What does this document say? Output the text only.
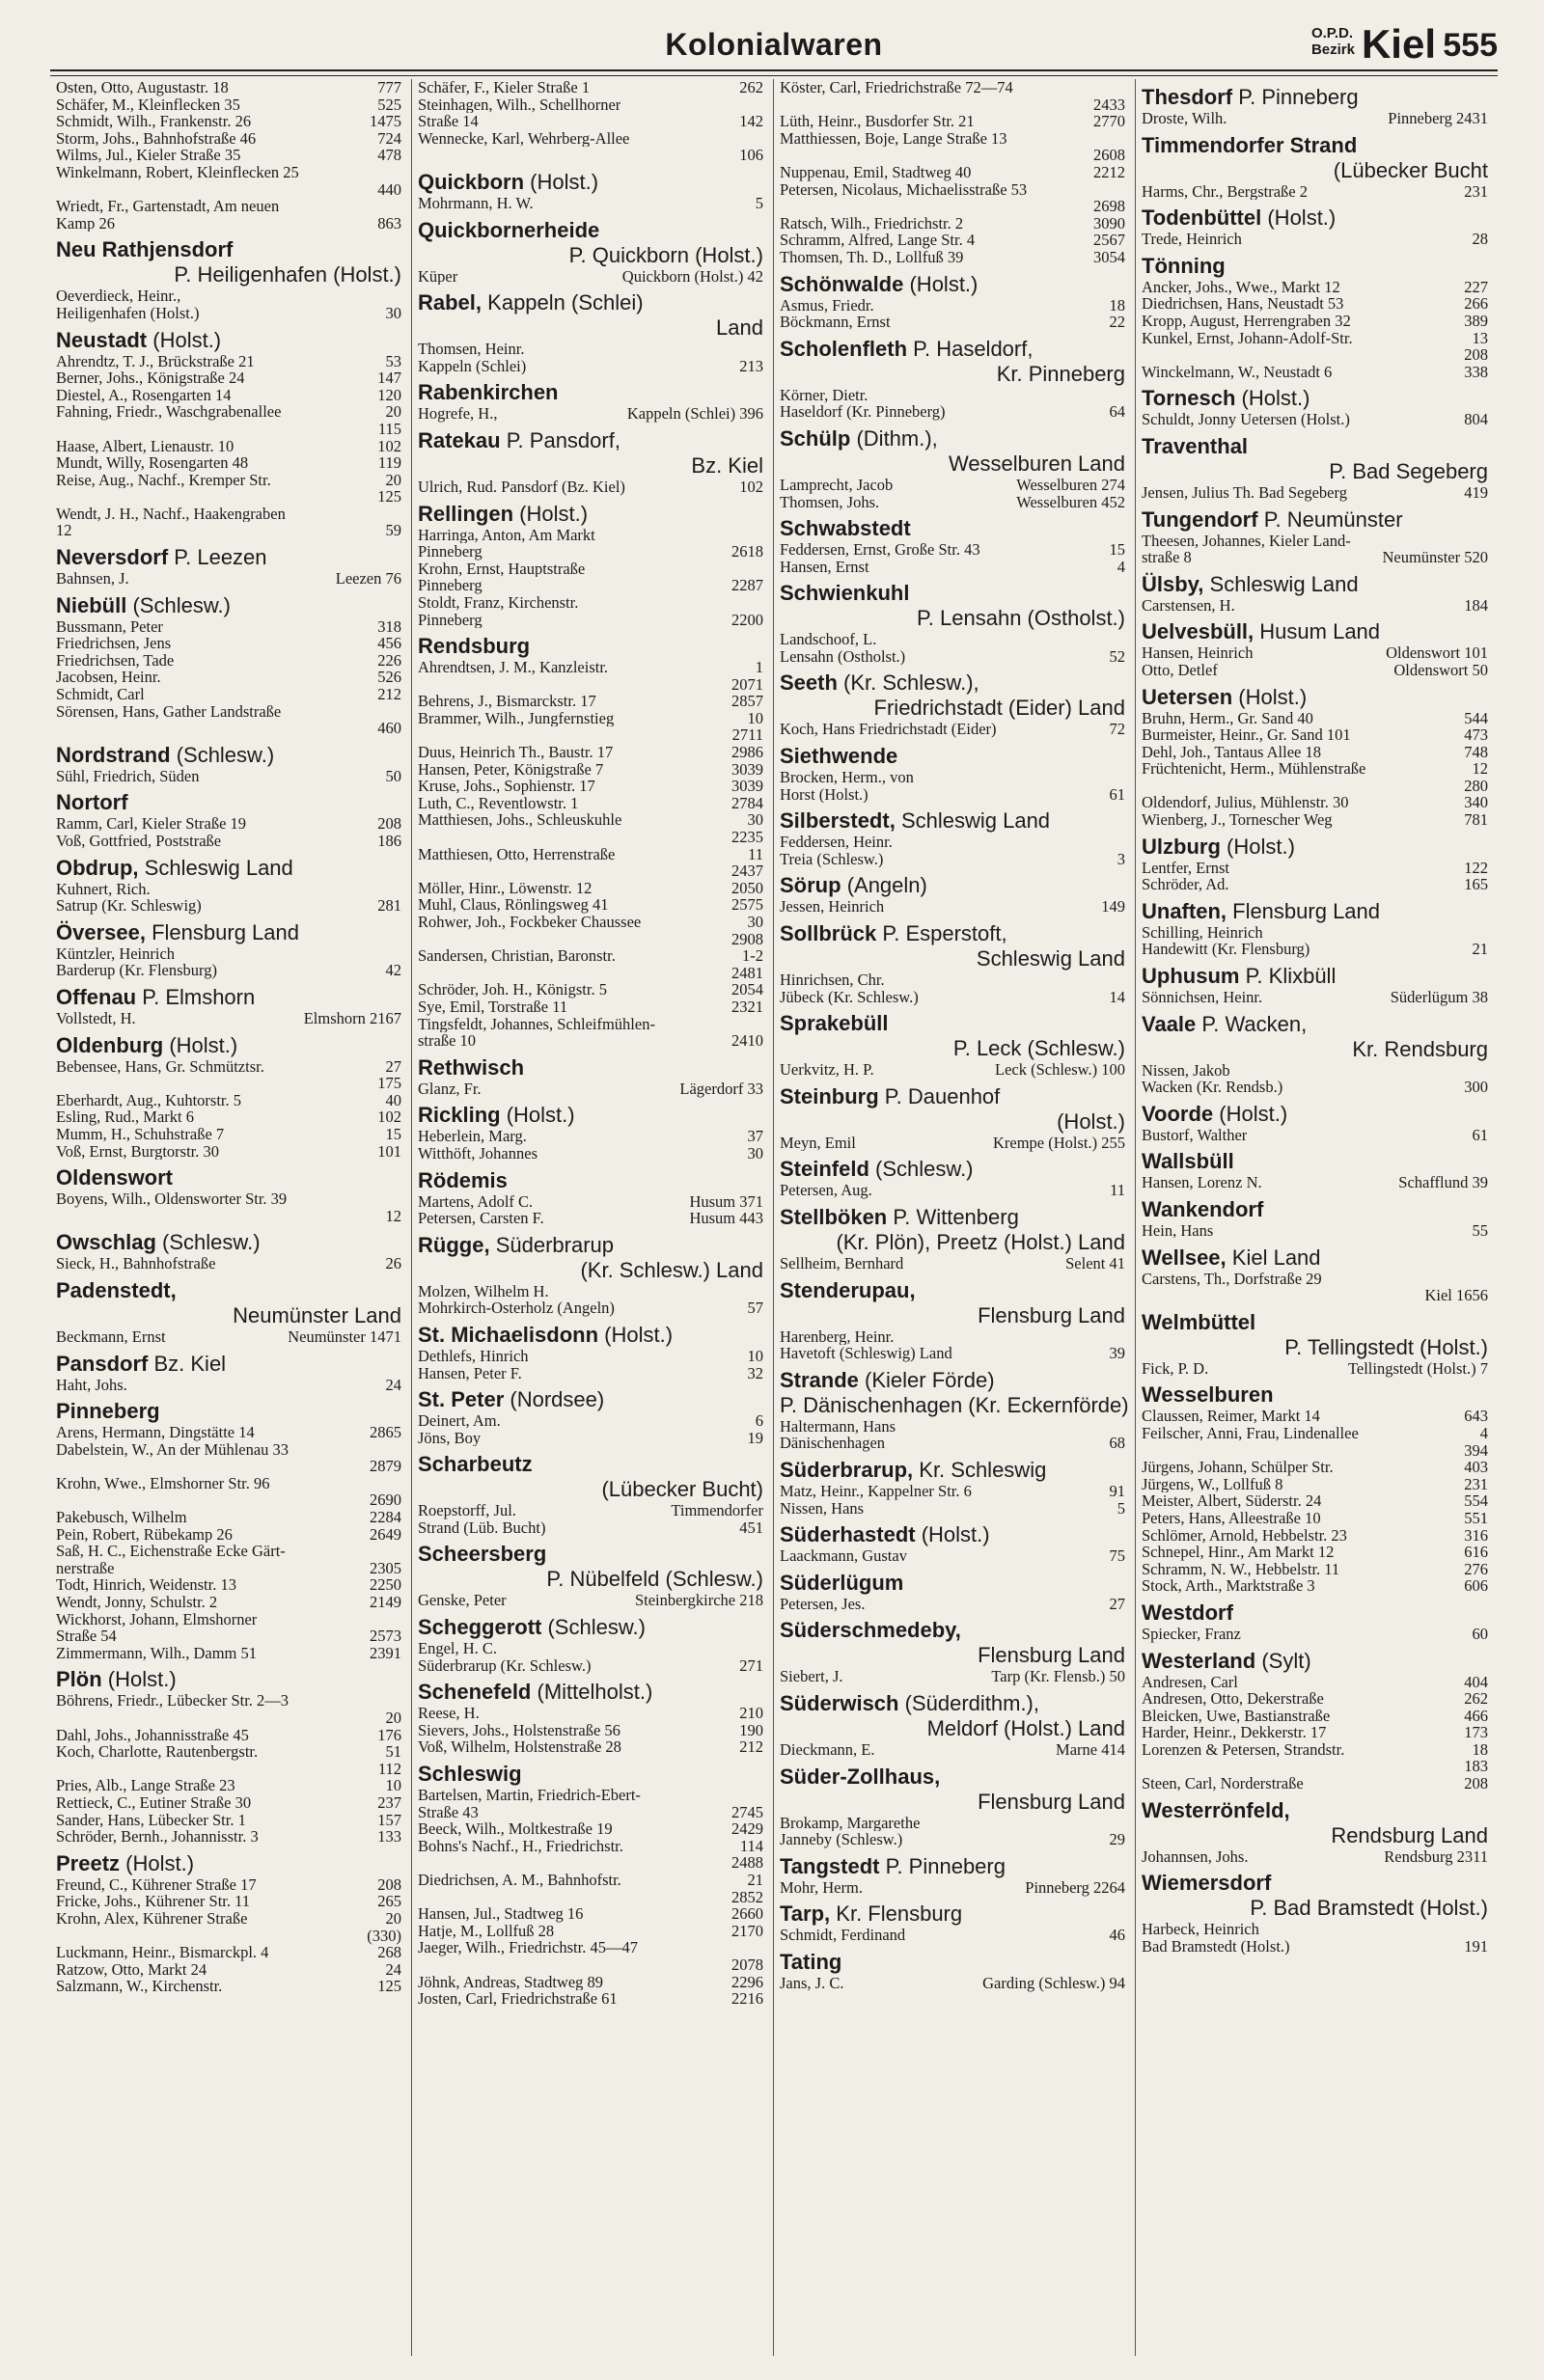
Kolonialwaren	O.P.D.
Bezirk Kiel 555
Osten, Otto, Augustastr. 18	777
Schäfer, M., Kleinflecken 35	525
Schmidt, Wilh., Frankenstr. 26	1475
Storm, Johs., Bahnhofstraße 46	724
Wilms, Jul., Kieler Straße 35	478
Winkelmann, Robert, Kleinflecken 25
440
Wriedt, Fr., Gartenstadt, Am neuen
Kamp 26	863
Neu Rathjensdorf
P. Heiligenhafen (Holst.)
Oeverdieck, Heinr.,
Heiligenhafen (Holst.)	30
Neustadt (Holst.)
Ahrendtz, T. J., Brückstraße 21	53
Berner, Johs., Königstraße 24	147
Diestel, A., Rosengarten 14	120
Fahning, Friedr., Waschgrabenallee	20
115
Haase, Albert, Lienaustr. 10	102
Mundt, Willy, Rosengarten 48	119
Reise, Aug., Nachf., Kremper Str.	20
125
Wendt, J. H., Nachf., Haakengraben
12	59
Neversdorf P. Leezen
Bahnsen, J.	Leezen 76
Niebüll (Schlesw.)
Bussmann, Peter	318
Friedrichsen, Jens	456
Friedrichsen, Tade	226
Jacobsen, Heinr.	526
Schmidt, Carl	212
Sörensen, Hans, Gather Landstraße
460
Nordstrand (Schlesw.)
Sühl, Friedrich, Süden	50
Nortorf
Ramm, Carl, Kieler Straße 19	208
Voß, Gottfried, Poststraße	186
Obdrup, Schleswig Land
Kuhnert, Rich.
Satrup (Kr. Schleswig)	281
Översee, Flensburg Land
Küntzler, Heinrich
Barderup (Kr. Flensburg)	42
Offenau P. Elmshorn
Vollstedt, H.	Elmshorn 2167
Oldenburg (Holst.)
Bebensee, Hans, Gr. Schmütztsr.	27
175
Eberhardt, Aug., Kuhtorstr. 5	40
Esling, Rud., Markt 6	102
Mumm, H., Schuhstraße 7	15
Voß, Ernst, Burgtorstr. 30	101
Oldenswort
Boyens, Wilh., Oldensworter Str. 39
12
Owschlag (Schlesw.)
Sieck, H., Bahnhofstraße	26
Padenstedt,
Neumünster Land
Beckmann, Ernst	Neumünster 1471
Pansdorf Bz. Kiel
Haht, Johs.	24
Pinneberg
Arens, Hermann, Dingstätte 14	2865
Dabelstein, W., An der Mühlenau 33
2879
Krohn, Wwe., Elmshorner Str. 96
2690
Pakebusch, Wilhelm	2284
Pein, Robert, Rübekamp 26	2649
Saß, H. C., Eichenstraße Ecke Gärt-
nerstraße	2305
Todt, Hinrich, Weidenstr. 13	2250
Wendt, Jonny, Schulstr. 2	2149
Wickhorst, Johann, Elmshorner
Straße 54	2573
Zimmermann, Wilh., Damm 51	2391
Plön (Holst.)
Böhrens, Friedr., Lübecker Str. 2—3
20
Dahl, Johs., Johannisstraße 45	176
Koch, Charlotte, Rautenbergstr.	51
112
Pries, Alb., Lange Straße 23	10
Rettieck, C., Eutiner Straße 30	237
Sander, Hans, Lübecker Str. 1	157
Schröder, Bernh., Johannisstr. 3	133
Preetz (Holst.)
Freund, C., Kührener Straße 17	208
Fricke, Johs., Kührener Str. 11	265
Krohn, Alex, Kührener Straße	20
(330)
Luckmann, Heinr., Bismarckpl. 4	268
Ratzow, Otto, Markt 24	24
Salzmann, W., Kirchenstr.	125
Schäfer, F., Kieler Straße 1	262
Steinhagen, Wilh., Schellhorner
Straße 14	142
Wennecke, Karl, Wehrberg-Allee
106
Quickborn (Holst.)
Mohrmann, H. W.	5
Quickbornerheide
P. Quickborn (Holst.)
Küper	Quickborn (Holst.) 42
Rabel, Kappeln (Schlei)
Land
Thomsen, Heinr.
Kappeln (Schlei)	213
Rabenkirchen
Hogrefe, H.,	Kappeln (Schlei) 396
Ratekau P. Pansdorf,
Bz. Kiel
Ulrich, Rud. Pansdorf (Bz. Kiel)	102
Rellingen (Holst.)
Harringa, Anton, Am Markt
Pinneberg	2618
Krohn, Ernst, Hauptstraße
Pinneberg	2287
Stoldt, Franz, Kirchenstr.
Pinneberg	2200
Rendsburg
Ahrendtsen, J. M., Kanzleistr.	1
2071
Behrens, J., Bismarckstr. 17	2857
Brammer, Wilh., Jungfernstieg	10
2711
Duus, Heinrich Th., Baustr. 17	2986
Hansen, Peter, Königstraße 7	3039
Kruse, Johs., Sophienstr. 17	3039
Luth, C., Reventlowstr. 1	2784
Matthiesen, Johs., Schleuskuhle	30
2235
Matthiesen, Otto, Herrenstraße	11
2437
Möller, Hinr., Löwenstr. 12	2050
Muhl, Claus, Rönlingsweg 41	2575
Rohwer, Joh., Fockbeker Chaussee	30
2908
Sandersen, Christian, Baronstr.	1-2
2481
Schröder, Joh. H., Königstr. 5	2054
Sye, Emil, Torstraße 11	2321
Tingsfeldt, Johannes, Schleifmühlen-
straße 10	2410
Rethwisch
Glanz, Fr.	Lägerdorf 33
Rickling (Holst.)
Heberlein, Marg.	37
Witthöft, Johannes	30
Rödemis
Martens, Adolf C.	Husum 371
Petersen, Carsten F.	Husum 443
Rügge, Süderbrarup
(Kr. Schlesw.) Land
Molzen, Wilhelm H.
Mohrkirch-Osterholz (Angeln)	57
St. Michaelisdonn (Holst.)
Dethlefs, Hinrich	10
Hansen, Peter F.	32
St. Peter (Nordsee)
Deinert, Am.	6
Jöns, Boy	19
Scharbeutz
(Lübecker Bucht)
Roepstorff, Jul.	Timmendorfer
Strand (Lüb. Bucht)	451
Scheersberg
P. Nübelfeld (Schlesw.)
Genske, Peter	Steinbergkirche 218
Scheggerott (Schlesw.)
Engel, H. C.
Süderbrarup (Kr. Schlesw.)	271
Schenefeld (Mittelholst.)
Reese, H.	210
Sievers, Johs., Holstenstraße 56	190
Voß, Wilhelm, Holstenstraße 28	212
Schleswig
Bartelsen, Martin, Friedrich-Ebert-
Straße 43	2745
Beeck, Wilh., Moltkestraße 19	2429
Bohns's Nachf., H., Friedrichstr.	114
2488
Diedrichsen, A. M., Bahnhofstr.	21
2852
Hansen, Jul., Stadtweg 16	2660
Hatje, M., Lollfuß 28	2170
Jaeger, Wilh., Friedrichstr. 45—47
2078
Jöhnk, Andreas, Stadtweg 89	2296
Josten, Carl, Friedrichstraße 61	2216
Köster, Carl, Friedrichstraße 72—74
2433
Lüth, Heinr., Busdorfer Str. 21	2770
Matthiessen, Boje, Lange Straße 13
2608
Nuppenau, Emil, Stadtweg 40	2212
Petersen, Nicolaus, Michaelisstraße 53
2698
Ratsch, Wilh., Friedrichstr. 2	3090
Schramm, Alfred, Lange Str. 4	2567
Thomsen, Th. D., Lollfuß 39	3054
Schönwalde (Holst.)
Asmus, Friedr.	18
Böckmann, Ernst	22
Scholenfleth P. Haseldorf,
Kr. Pinneberg
Körner, Dietr.
Haseldorf (Kr. Pinneberg)	64
Schülp (Dithm.),
Wesselburen Land
Lamprecht, Jacob	Wesselburen 274
Thomsen, Johs.	Wesselburen 452
Schwabstedt
Feddersen, Ernst, Große Str. 43	15
Hansen, Ernst	4
Schwienkuhl
P. Lensahn (Ostholst.)
Landschoof, L.
Lensahn (Ostholst.)	52
Seeth (Kr. Schlesw.),
Friedrichstadt (Eider) Land
Koch, Hans Friedrichstadt (Eider)	72
Siethwende
Brocken, Herm., von
Horst (Holst.)	61
Silberstedt, Schleswig Land
Feddersen, Heinr.
Treia (Schlesw.)	3
Sörup (Angeln)
Jessen, Heinrich	149
Sollbrück P. Esperstoft,
Schleswig Land
Hinrichsen, Chr.
Jübeck (Kr. Schlesw.)	14
Sprakebüll
P. Leck (Schlesw.)
Uerkvitz, H. P.	Leck (Schlesw.) 100
Steinburg P. Dauenhof
(Holst.)
Meyn, Emil	Krempe (Holst.) 255
Steinfeld (Schlesw.)
Petersen, Aug.	11
Stellböken P. Wittenberg
(Kr. Plön), Preetz (Holst.) Land
Sellheim, Bernhard	Selent 41
Stenderupau,
Flensburg Land
Harenberg, Heinr.
Havetoft (Schleswig) Land	39
Strande (Kieler Förde)
P. Dänischenhagen (Kr. Eckernförde)
Haltermann, Hans
Dänischenhagen	68
Süderbrarup, Kr. Schleswig
Matz, Heinr., Kappelner Str. 6	91
Nissen, Hans	5
Süderhastedt (Holst.)
Laackmann, Gustav	75
Süderlügum
Petersen, Jes.	27
Süderschmedeby,
Flensburg Land
Siebert, J.	Tarp (Kr. Flensb.) 50
Süderwisch (Süderdithm.),
Meldorf (Holst.) Land
Dieckmann, E.	Marne 414
Süder-Zollhaus,
Flensburg Land
Brokamp, Margarethe
Janneby (Schlesw.)	29
Tangstedt P. Pinneberg
Mohr, Herm.	Pinneberg 2264
Tarp, Kr. Flensburg
Schmidt, Ferdinand	46
Tating
Jans, J. C.	Garding (Schlesw.) 94
Thesdorf P. Pinneberg
Droste, Wilh.	Pinneberg 2431
Timmendorfer Strand
(Lübecker Bucht
Harms, Chr., Bergstraße 2	231
Todenbüttel (Holst.)
Trede, Heinrich	28
Tönning
Ancker, Johs., Wwe., Markt 12	227
Diedrichsen, Hans, Neustadt 53	266
Kropp, August, Herrengraben 32	389
Kunkel, Ernst, Johann-Adolf-Str.	13
208
Winckelmann, W., Neustadt 6	338
Tornesch (Holst.)
Schuldt, Jonny Uetersen (Holst.)	804
Traventhal
P. Bad Segeberg
Jensen, Julius Th. Bad Segeberg	419
Tungendorf P. Neumünster
Theesen, Johannes, Kieler Land-
straße 8	Neumünster 520
Ülsby, Schleswig Land
Carstensen, H.	184
Uelvesbüll, Husum Land
Hansen, Heinrich	Oldenswort 101
Otto, Detlef	Oldenswort 50
Uetersen (Holst.)
Bruhn, Herm., Gr. Sand 40	544
Burmeister, Heinr., Gr. Sand 101	473
Dehl, Joh., Tantaus Allee 18	748
Früchtenicht, Herm., Mühlenstraße	12
280
Oldendorf, Julius, Mühlenstr. 30	340
Wienberg, J., Tornescher Weg	781
Ulzburg (Holst.)
Lentfer, Ernst	122
Schröder, Ad.	165
Unaften, Flensburg Land
Schilling, Heinrich
Handewitt (Kr. Flensburg)	21
Uphusum P. Klixbüll
Sönnichsen, Heinr.	Süderlügum 38
Vaale P. Wacken,
Kr. Rendsburg
Nissen, Jakob
Wacken (Kr. Rendsb.)	300
Voorde (Holst.)
Bustorf, Walther	61
Wallsbüll
Hansen, Lorenz N.	Schafflund 39
Wankendorf
Hein, Hans	55
Wellsee, Kiel Land
Carstens, Th., Dorfstraße 29
Kiel 1656
Welmbüttel
P. Tellingstedt (Holst.)
Fick, P. D.	Tellingstedt (Holst.) 7
Wesselburen
Claussen, Reimer, Markt 14	643
Feilscher, Anni, Frau, Lindenallee	4
394
Jürgens, Johann, Schülper Str.	403
Jürgens, W., Lollfuß 8	231
Meister, Albert, Süderstr. 24	554
Peters, Hans, Alleestraße 10	551
Schlömer, Arnold, Hebbelstr. 23	316
Schnepel, Hinr., Am Markt 12	616
Schramm, N. W., Hebbelstr. 11	276
Stock, Arth., Marktstraße 3	606
Westdorf
Spiecker, Franz	60
Westerland (Sylt)
Andresen, Carl	404
Andresen, Otto, Dekerstraße	262
Bleicken, Uwe, Bastianstraße	466
Harder, Heinr., Dekkerstr. 17	173
Lorenzen & Petersen, Strandstr.	18
183
Steen, Carl, Norderstraße	208
Westerrönfeld,
Rendsburg Land
Johannsen, Johs.	Rendsburg 2311
Wiemersdorf
P. Bad Bramstedt (Holst.)
Harbeck, Heinrich
Bad Bramstedt (Holst.)	191
